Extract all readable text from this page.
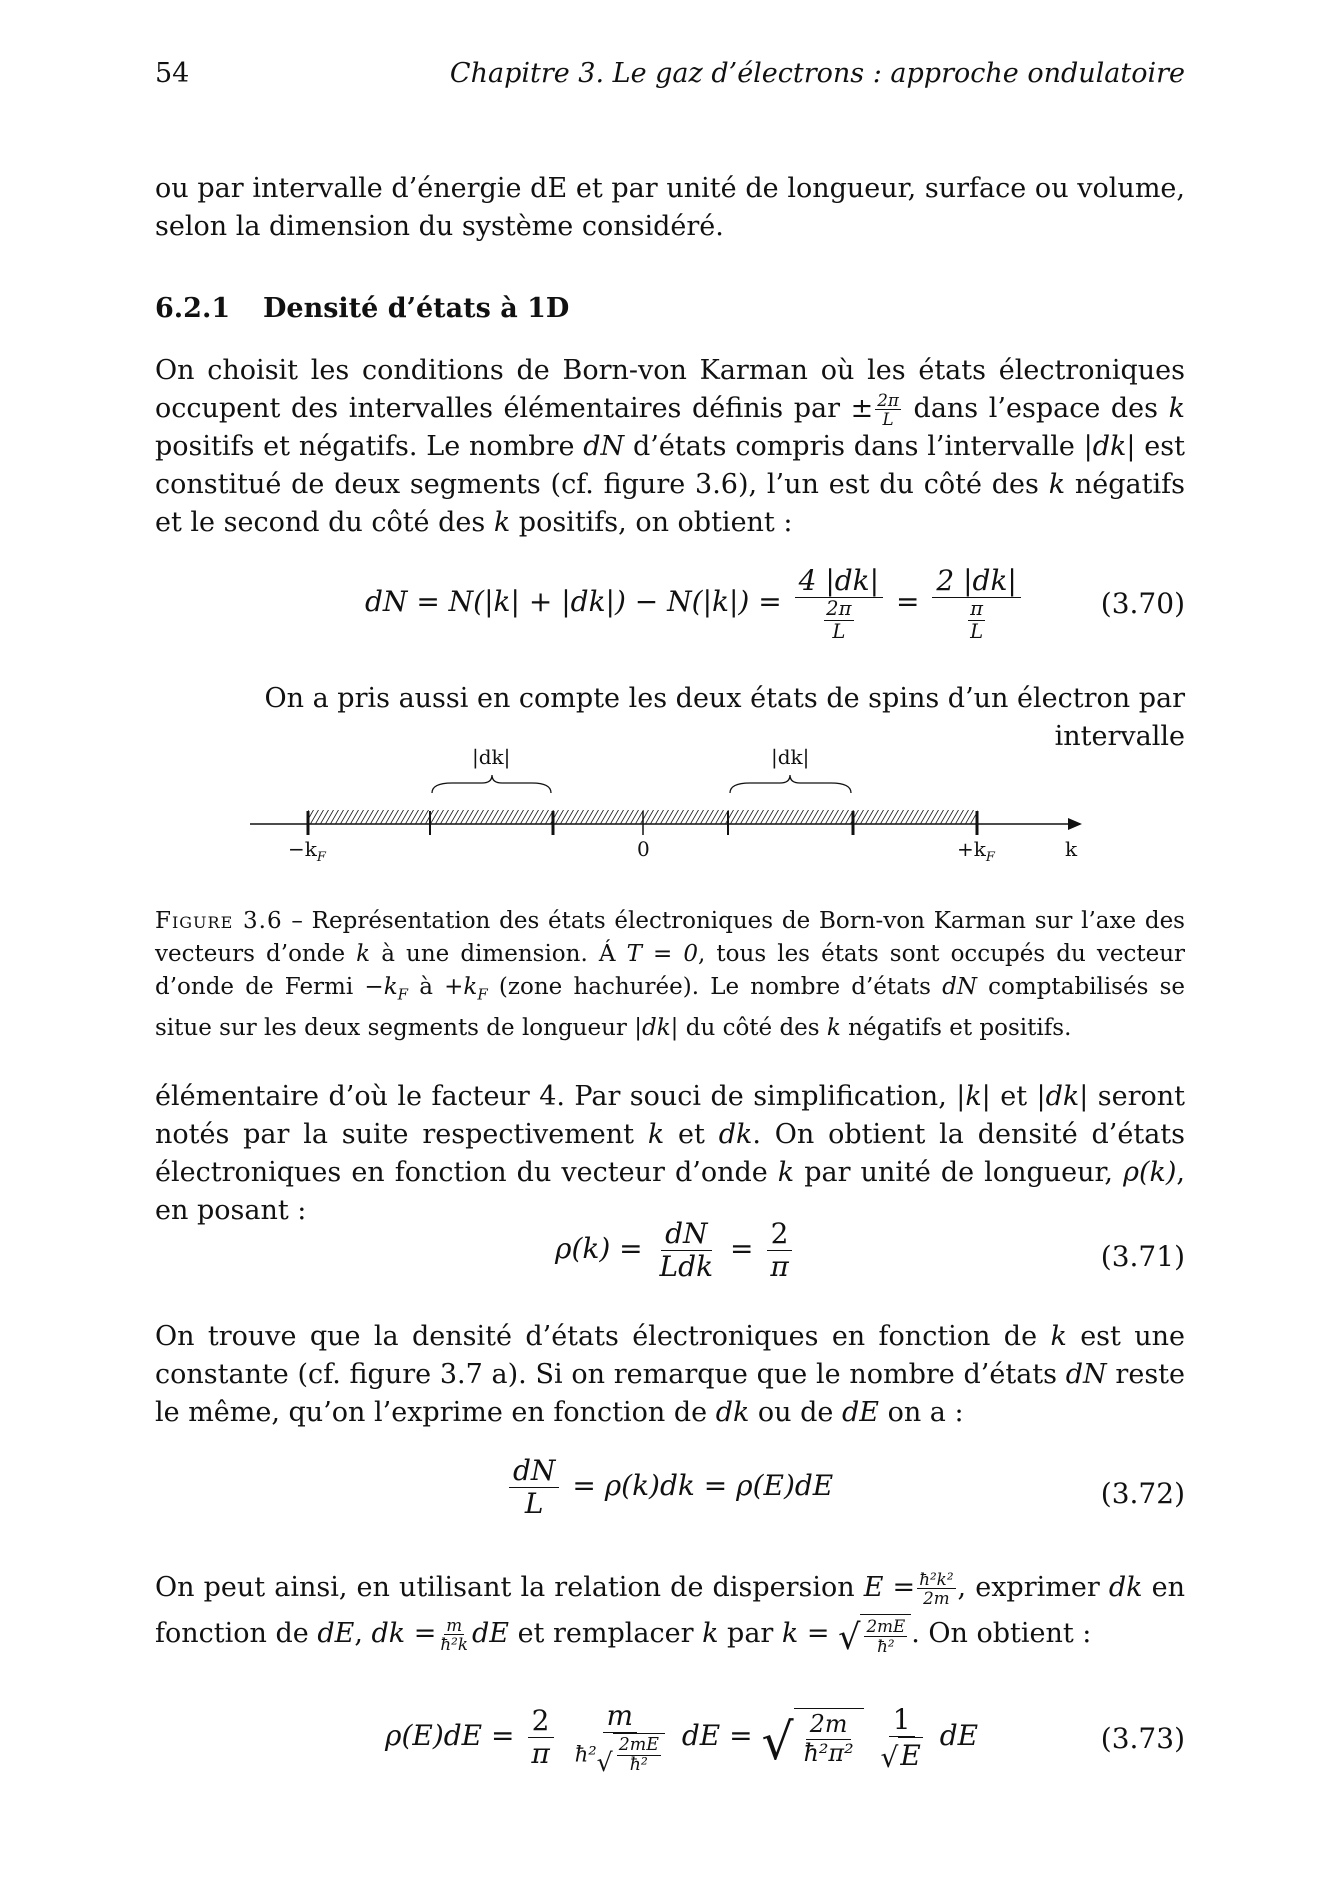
54	Chapitre 3. Le gaz d’électrons : approche ondulatoire
ou par intervalle d’énergie dE et par unité de longueur, surface ou volume, selon la dimension du système considéré.
6.2.1 Densité d’états à 1D
On choisit les conditions de Born-von Karman où les états électroniques occupent des intervalles élémentaires définis par ± $\frac{2\pi}{L}$ dans l’espace des k positifs et négatifs. Le nombre dN d’états compris dans l’intervalle |dk| est constitué de deux segments (cf. figure 3.6), l’un est du côté des k négatifs et le second du côté des k positifs, on obtient :
dN = $N(|k| + |dk|) - N(|k|) = \frac{4 |dk|}{\frac{2\pi}{L}} = \frac{2 |dk|}{\frac{\pi}{L}}$	(3.70)
On a pris aussi en compte les deux états de spins d’un électron par intervalle
élémentaire d’où le facteur 4. Par souci de simplification, |k| et |dk| seront notés par la suite respectivement k et dk. On obtient la densité d’états électroniques en fonction du vecteur d’onde k par unité de longueur, ρ(k), en posant :
$\rho(k) = \frac{dN}{\text{Ldk}} = \frac{2}{\pi}$	(3.71)
On trouve que la densité d’états électroniques en fonction de k est une constante (cf. figure 3.7 a). Si on remarque que le nombre d’états dN reste le même, qu’on l’exprime en fonction de dk ou de dE on a :
$\frac{dN}{L} = \rho(k)dk = \rho(E)dE$	(3.72)
On peut ainsi, en utilisant la relation de dispersion $E = \frac{\text{ħ²k²}}{2m}$ , exprimer dk en fonction de dE, dk = $\frac{m}{\text{ħ²k}}$ dE et remplacer k par k = √ $\frac{2mE}{\text{ħ²}}$ . On obtient :
$\rho(E)dE = \frac{2}{\pi}$
$\frac{m}{ħ^2 √ \frac{2mE}{\text{ħ²}}}$ dE = √ $\frac{2m}{\text{ħ²π²}}$
$\frac{1}{√ E}$ dE	(3.73)
Figure 3.6 – Représentation des états électroniques de Born-von Karman sur l’axe des vecteurs d’onde k à une dimension. Á T = 0, tous les états sont occupés du vecteur d’onde de Fermi $-k_F$ à $+k_F$ (zone hachurée). Le nombre d’états dN comptabilisés se situe sur les deux segments de longueur |dk| du côté des k négatifs et positifs.
|dk|	|dk|
$-k_F$	0	$+k_F$	k
